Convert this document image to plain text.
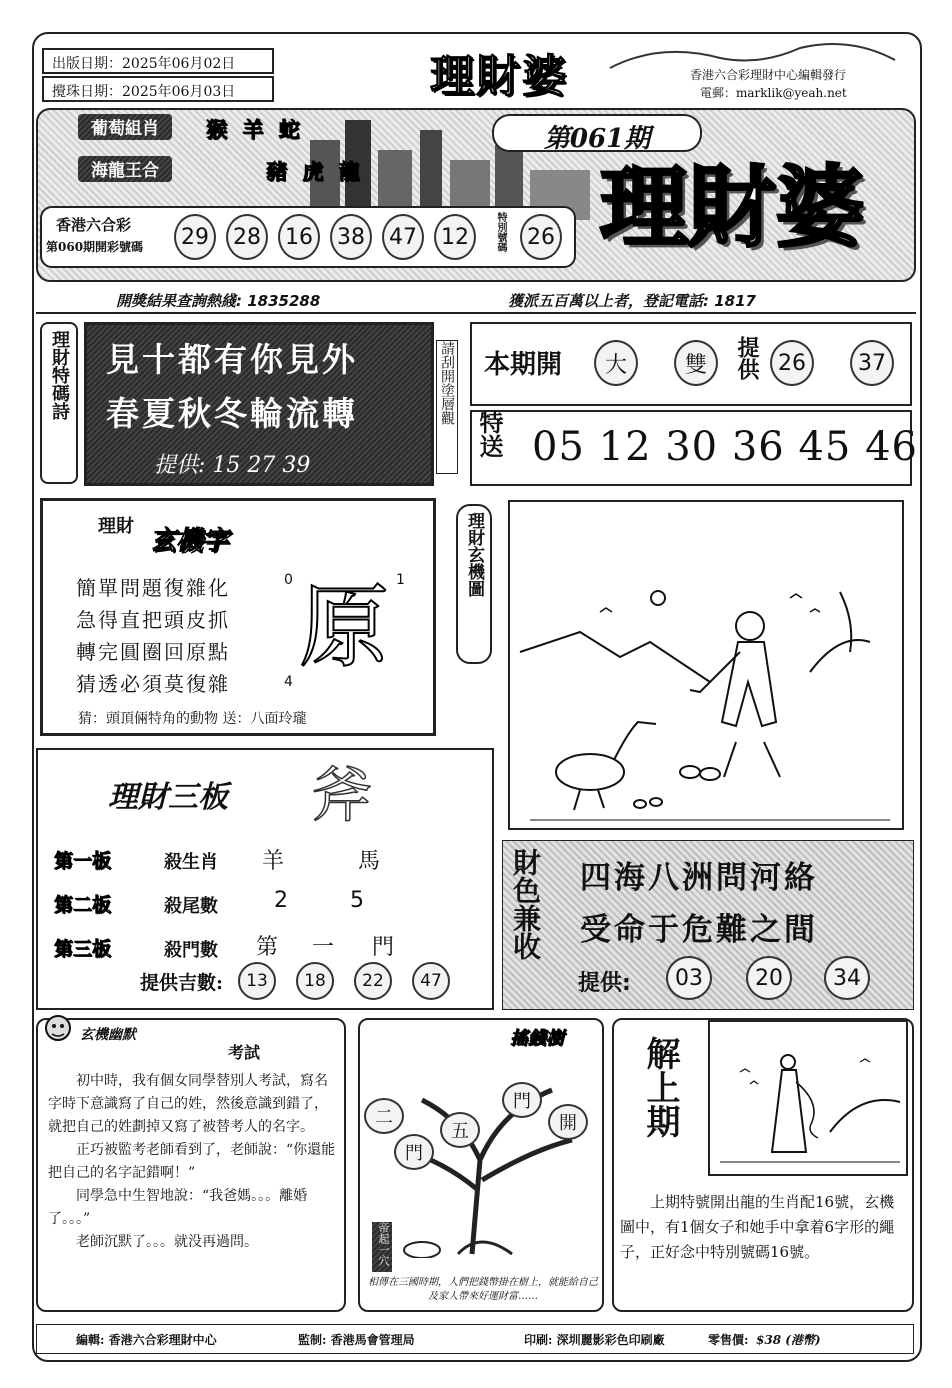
出版日期：2025年06月02日
攪珠日期：2025年06月03日	理財婆	香港六合彩理財中心編輯發行
電郵：marklik@yeah.net
葡萄組肖	猴 羊 蛇
海龍王合	豬 虎 龍
第061期
理財婆
香港六合彩
第060期開彩號碼	29	28	16	38	47	12	特別號碼 26
開獎結果查詢熱綫: 1835288	獲派五百萬以上者，登記電話: 1817
理財特碼詩 見十都有你見外
春夏秋冬輪流轉
提供: 15 27 39
請刮開塗層觀 本期開	大	雙	提供 26	37
特送 05 12 30 36 45 46
理財 玄機字
簡單問題復雜化
急得直把頭皮抓
轉完圓圈回原點
猜透必須莫復雜
0	1
4
原
猜：頭頂倆特角的動物 送：八面玲瓏
理財玄機圖
理財三板 斧
第一板	殺生肖 羊	馬
第二板	殺尾數	2	5
第三板	殺門數 第 一 門
提供吉數:	13	18	22	47
財色兼收 四海八洲問河絡
受命于危難之間
提供:	03	20	34
玄機幽默
考試

初中時，我有個女同學替別人考試，寫名字時下意識寫了自己的姓，然後意識到錯了，就把自己的姓劃掉又寫了被替考人的名字。

正巧被監考老師看到了，老師說：“你還能把自己的名字記錯啊！”

同學急中生智地說：“我爸媽。。。離婚了。。。”

老師沉默了。。。就没再過問。

搖錢樹
二
門
五	開
門
帝起一穴
相傳在三國時期，人們把錢幣掛在樹上，就能給自己及家人帶來好運財富……
解上期
上期特號開出龍的生肖配16號，玄機圖中，有1個女子和她手中拿着6字形的繩子，正好念中特別號碼16號。
編輯: 香港六合彩理財中心	監制: 香港馬會管理局	印刷: 深圳麗影彩色印刷廠	零售價: $38 (港幣)
